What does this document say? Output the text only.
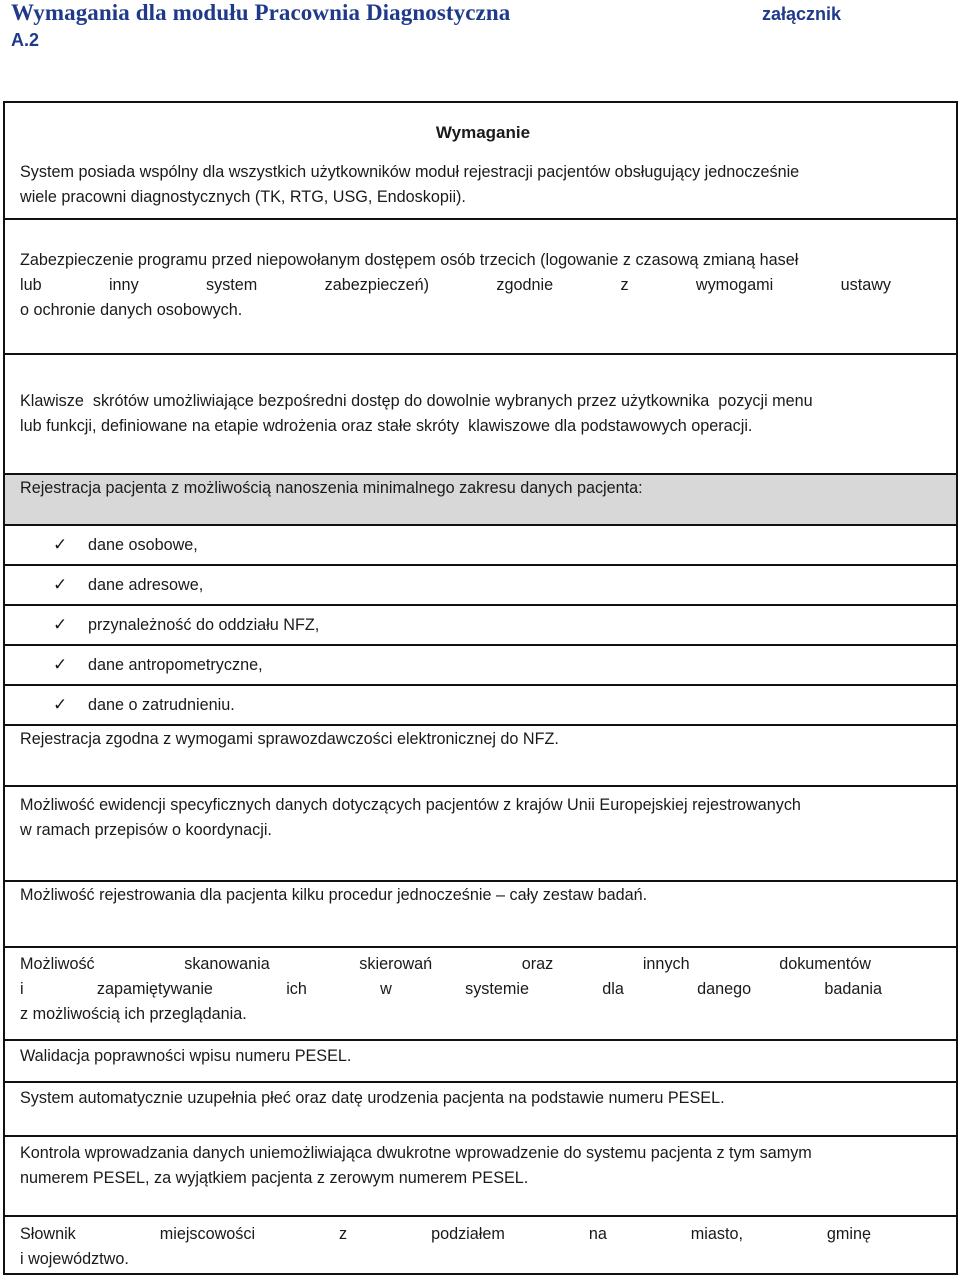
Wymagania dla modułu Pracownia Diagnostyczna	załącznik
A.2
Wymaganie
System posiada wspólny dla wszystkich użytkowników moduł rejestracji pacjentów obsługujący jednocześnie
wiele pracowni diagnostycznych (TK, RTG, USG, Endoskopii).
Zabezpieczenie programu przed niepowołanym dostępem osób trzecich (logowanie z czasową zmianą haseł
lub inny system zabezpieczeń) zgodnie z wymogami ustawy
o ochronie danych osobowych.
Klawisze  skrótów umożliwiające bezpośredni dostęp do dowolnie wybranych przez użytkownika  pozycji menu
lub funkcji, definiowane na etapie wdrożenia oraz stałe skróty  klawiszowe dla podstawowych operacji.
Rejestracja pacjenta z możliwością nanoszenia minimalnego zakresu danych pacjenta:
✓ dane osobowe,
✓ dane adresowe,
✓ przynależność do oddziału NFZ,
✓ dane antropometryczne,
✓ dane o zatrudnieniu.
Rejestracja zgodna z wymogami sprawozdawczości elektronicznej do NFZ.
Możliwość ewidencji specyficznych danych dotyczących pacjentów z krajów Unii Europejskiej rejestrowanych
w ramach przepisów o koordynacji.
Możliwość rejestrowania dla pacjenta kilku procedur jednocześnie – cały zestaw badań.
Możliwość skanowania skierowań oraz innych dokumentów
i zapamiętywanie ich w systemie dla danego badania
z możliwością ich przeglądania.
Walidacja poprawności wpisu numeru PESEL.
System automatycznie uzupełnia płeć oraz datę urodzenia pacjenta na podstawie numeru PESEL.
Kontrola wprowadzania danych uniemożliwiająca dwukrotne wprowadzenie do systemu pacjenta z tym samym
numerem PESEL, za wyjątkiem pacjenta z zerowym numerem PESEL.
Słownik miejscowości z podziałem na miasto, gminę
i województwo.
